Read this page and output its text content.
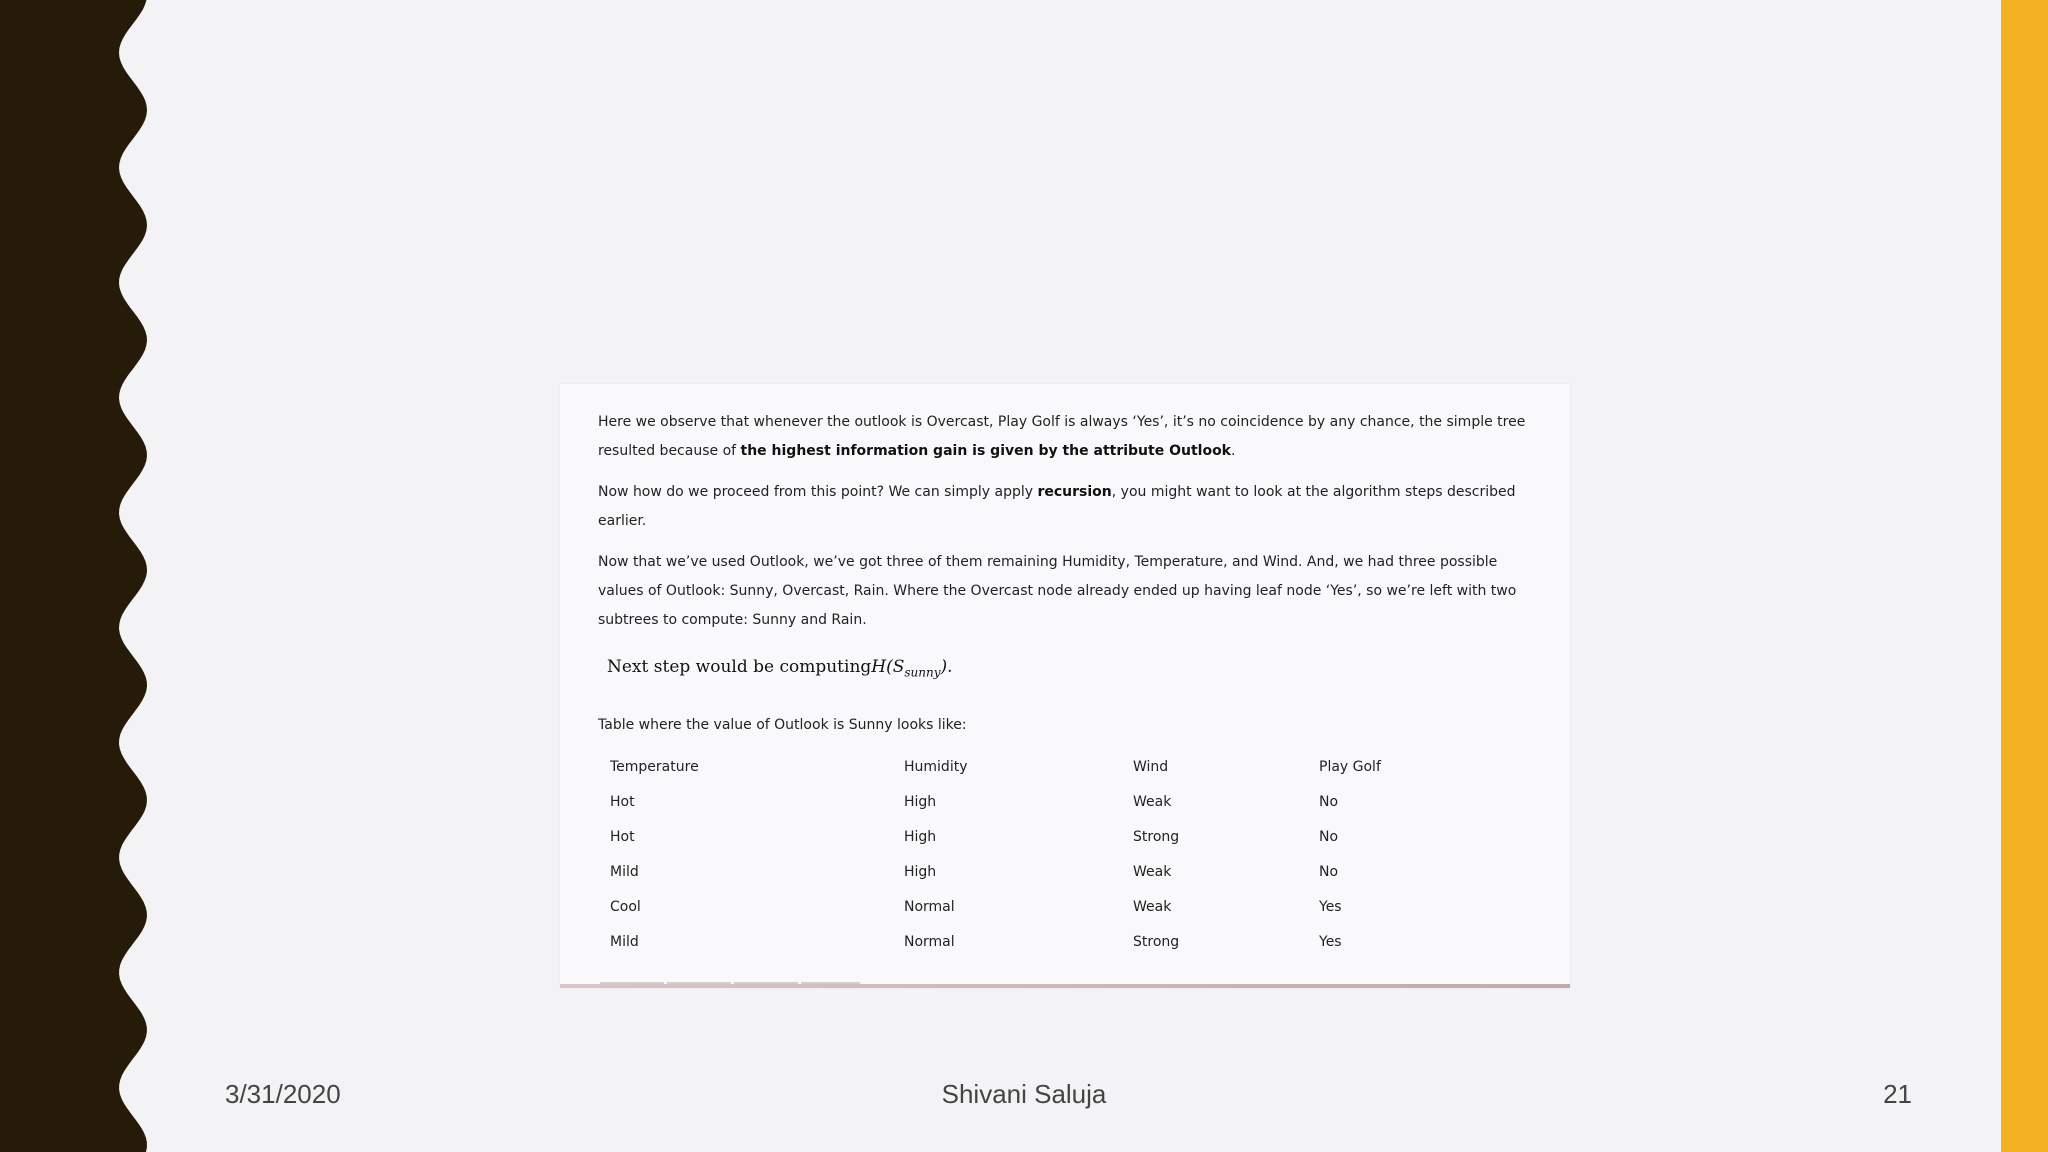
Here we observe that whenever the outlook is Overcast, Play Golf is always ‘Yes’, it’s no coincidence by any chance, the simple tree resulted because of the highest information gain is given by the attribute Outlook.

Now how do we proceed from this point? We can simply apply recursion, you might want to look at the algorithm steps described earlier.

Now that we’ve used Outlook, we’ve got three of them remaining Humidity, Temperature, and Wind. And, we had three possible values of Outlook: Sunny, Overcast, Rain. Where the Overcast node already ended up having leaf node ‘Yes’, so we’re left with two subtrees to compute: Sunny and Rain.

Next step would be $computingH(S_{sunny})$.

Table where the value of Outlook is Sunny looks like:

Temperature	Humidity	Wind	Play Golf
Hot	High	Weak	No
Hot	High	Strong	No
Mild	High	Weak	No
Cool	Normal	Weak	Yes
Mild	Normal	Strong	Yes
3/31/2020	Shivani Saluja	21
